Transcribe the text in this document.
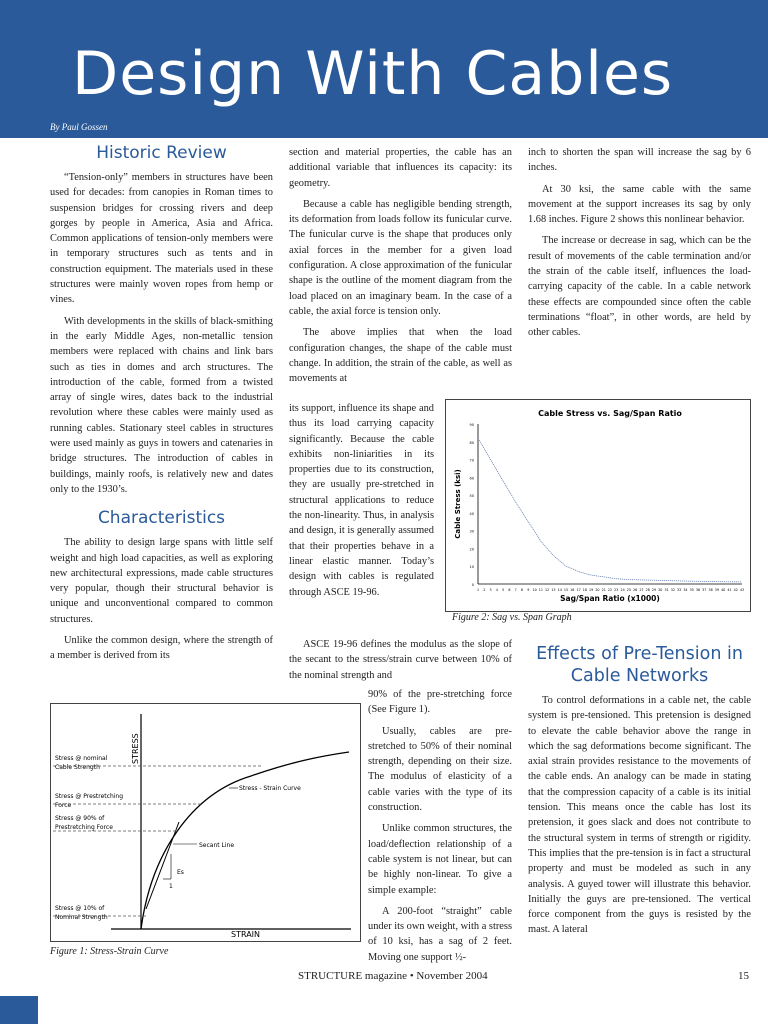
Design With Cables
By Paul Gossen
Historic Review

“Tension-only” members in structures have been used for decades: from canopies in Roman times to suspension bridges for crossing rivers and deep gorges by people in America, Asia and Africa. Common applications of tension-only members were in temporary structures such as tents and in construction equipment. The materials used in these structures were mainly woven ropes from hemp or vines.

With developments in the skills of black-smithing in the early Middle Ages, non-metallic tension members were replaced with chains and link bars such as ties in domes and arch structures. The introduction of the cable, formed from a twisted array of single wires, dates back to the industrial revolution where these cables were mainly used as running cables. Stationary steel cables in structures were used mainly as guys in towers and catenaries in bridge structures. The introduction of cables in buildings, mainly roofs, is relatively new and dates only to the 1930’s.

Characteristics

The ability to design large spans with little self weight and high load capacities, as well as exploring new architectural expressions, made cable structures very popular, though their structural behavior is unique and unconventional compared to common structures.

Unlike the common design, where the strength of a member is derived from its

section and material properties, the cable has an additional variable that influences its capacity: its geometry.

Because a cable has negligible bending strength, its deformation from loads follow its funicular curve. The funicular curve is the shape that produces only axial forces in the member for a given load configuration. A close approximation of the funicular shape is the outline of the moment diagram from the load placed on an imaginary beam. In the case of a cable, the axial force is tension only.

The above implies that when the load configuration changes, the shape of the cable must change. In addition, the strain of the cable, as well as movements at

its support, influence its shape and thus its load carrying capacity significantly. Because the cable exhibits non-liniarities in its properties due to its construction, they are usually pre-stretched in structural applications to reduce the non-linearity. Thus, in analysis and design, it is generally assumed that their properties behave in a linear elastic manner. Today’s design with cables is regulated through ASCE 19-96.

ASCE 19-96 defines the modulus as the slope of the secant to the stress/strain curve between 10% of the nominal strength and

90% of the pre-stretching force (See Figure 1).

Usually, cables are pre-stretched to 50% of their nominal strength, depending on their size. The modulus of elasticity of a cable varies with the type of its construction.

Unlike common structures, the load/deflection relationship of a cable system is not linear, but can be highly non-linear. To give a simple example:

A 200-foot “straight” cable under its own weight, with a stress of 10 ksi, has a sag of 2 feet. Moving one support ½-

inch to shorten the span will increase the sag by 6 inches.

At 30 ksi, the same cable with the same movement at the support increases its sag by only 1.68 inches. Figure 2 shows this nonlinear behavior.

The increase or decrease in sag, which can be the result of movements of the cable termination and/or the strain of the cable itself, influences the load-carrying capacity of the cable. In a cable network these effects are compounded since often the cable terminations “float”, in other words, are held by other cables.

Effects of Pre-Tension in Cable Networks

To control deformations in a cable net, the cable system is pre-tensioned. This pretension is designed to elevate the cable behavior above the range in which the sag deformations become significant. The axial strain provides resistance to the movements of the cable ends. An analogy can be made in stating that the compression capacity of a cable is its initial tension. This means once the cable has lost its pretension, it goes slack and does not contribute to the structural system in terms of strength or rigidity. This implies that the pre-tension is in fact a structural property and must be modeled as such in any analysis. A guyed tower will illustrate this behavior. Initially the guys are pre-tensioned. The vertical force component from the guys is resisted by the mast. A lateral

Cable Stress vs. Sag/Span Ratio
0
10
20
30
40
50
60
70
80
90
1 2 3 4 5 6 7 8 9 10 11 12 13 14 15 16 17 18 19 20 21 22 23 24 25 26 27 28 29 30 31 32 33 34 35 36 37 38 39 40 41 42 43
Sag/Span Ratio (x1000)
Cable Stress (ksi)
Figure 2: Sag vs. Span Graph
STRESS
STRAIN
Stress @ nominal
Cable Strength
Stress @ Prestretching
Force
Stress @ 90% of
Prestretching Force
Stress @ 10% of
Nominal Strength
Stress - Strain Curve
Secant Line
Es
1
Figure 1: Stress-Strain Curve
STRUCTURE magazine • November 2004	15
